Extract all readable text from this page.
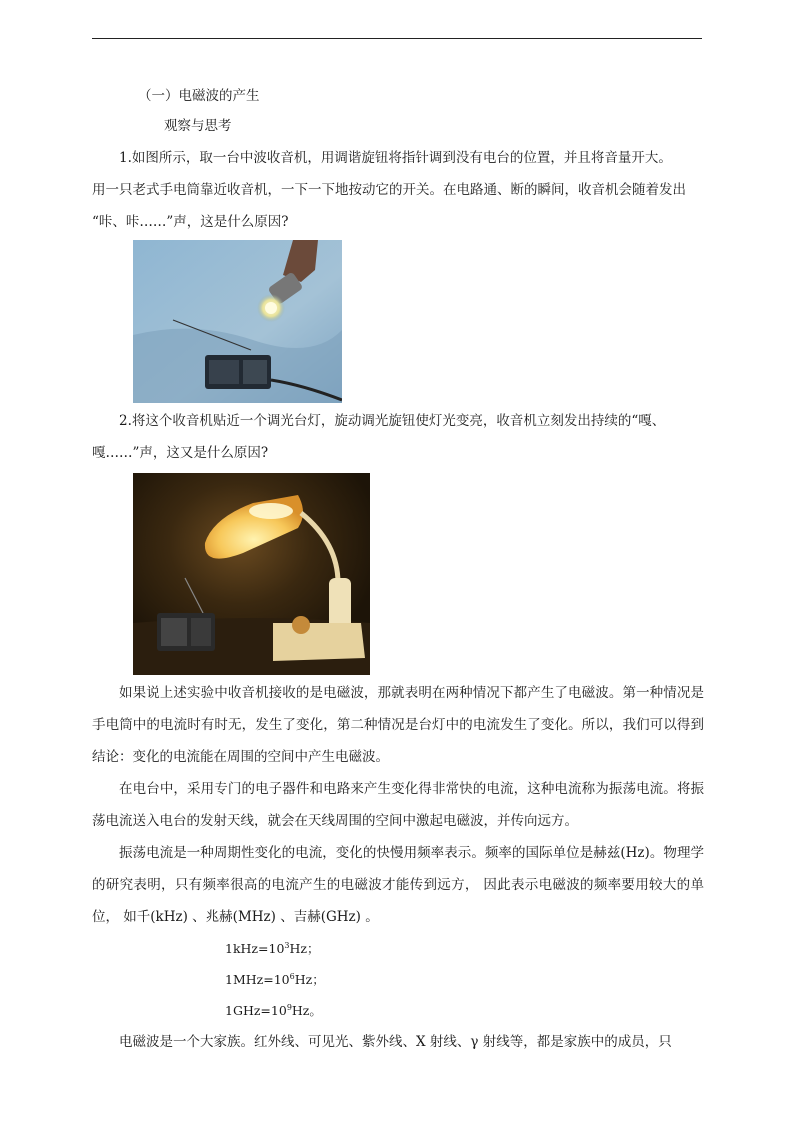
（一）电磁波的产生

观察与思考

1.如图所示，取一台中波收音机，用调谐旋钮将指针调到没有电台的位置，并且将音量开大。

用一只老式手电筒靠近收音机，一下一下地按动它的开关。在电路通、断的瞬间，收音机会随着发出

“咔、咔……”声，这是什么原因?

2.将这个收音机贴近一个调光台灯，旋动调光旋钮使灯光变亮，收音机立刻发出持续的“嘎、

嘎……”声，这又是什么原因?

如果说上述实验中收音机接收的是电磁波，那就表明在两种情况下都产生了电磁波。第一种情况是手电筒中的电流时有时无，发生了变化，第二种情况是台灯中的电流发生了变化。所以，我们可以得到结论：变化的电流能在周围的空间中产生电磁波。

在电台中，采用专门的电子器件和电路来产生变化得非常快的电流，这种电流称为振荡电流。将振荡电流送入电台的发射天线，就会在天线周围的空间中激起电磁波，并传向远方。

振荡电流是一种周期性变化的电流，变化的快慢用频率表示。频率的国际单位是赫兹(Hz)。物理学的研究表明，只有频率很高的电流产生的电磁波才能传到远方， 因此表示电磁波的频率要用较大的单位， 如千(kHz) 、兆赫(MHz) 、吉赫(GHz) 。

$1kHz=10^3Hz$；

$1MHz=10^6Hz$；

$1GHz=10^9Hz$。

电磁波是一个大家族。红外线、可见光、紫外线、X 射线、γ 射线等，都是家族中的成员，只
